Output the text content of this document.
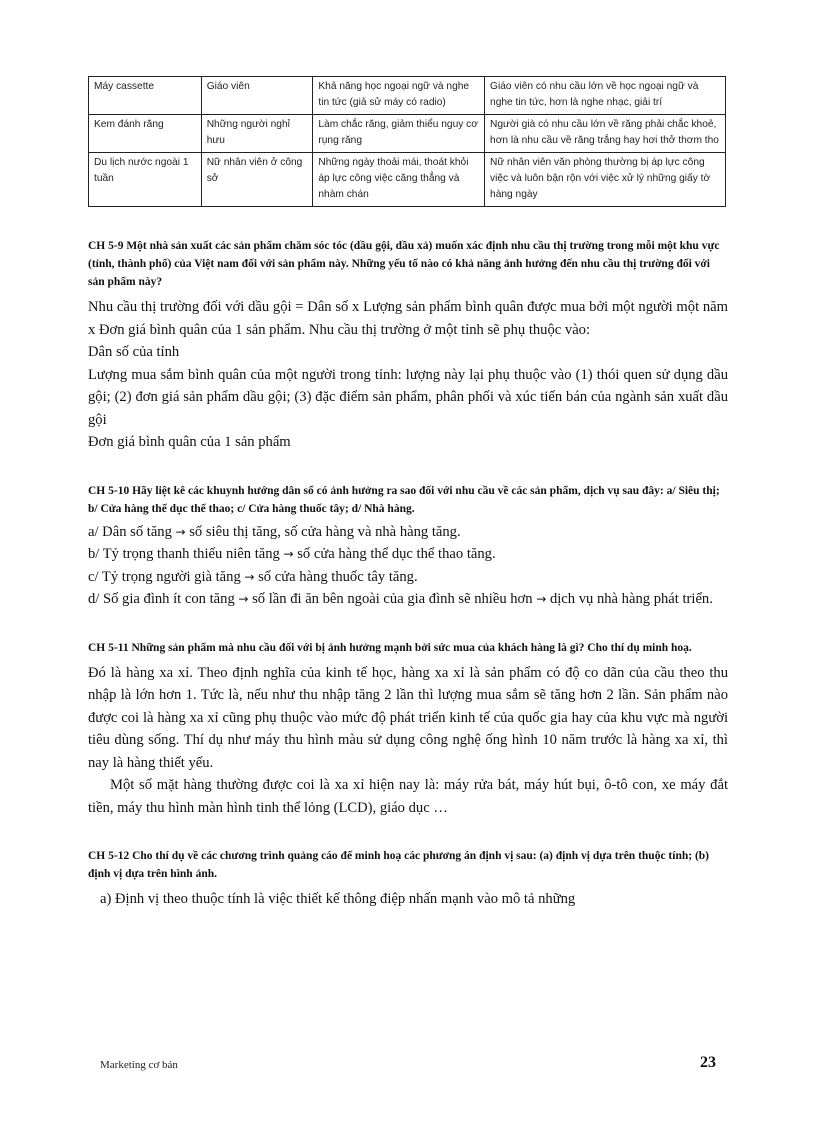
Máy cassette	Giáo viên	Khả năng học ngoại ngữ và nghe tin tức (giả sử máy có radio)	Giáo viên có nhu cầu lớn về học ngoại ngữ và nghe tin tức, hơn là nghe nhạc, giải trí
Kem đánh răng	Những người nghỉ hưu	Làm chắc răng, giảm thiểu nguy cơ rụng răng	Người già có nhu cầu lớn về răng phải chắc khoẻ, hơn là nhu cầu về răng trắng hay hơi thở thơm tho
Du lịch nước ngoài 1 tuần	Nữ nhân viên ở công sở	Những ngày thoải mái, thoát khỏi áp lực công việc căng thẳng và nhàm chán	Nữ nhân viên văn phòng thường bị áp lực công việc và luôn bận rộn với việc xử lý những giấy tờ hàng ngày

CH 5-9 Một nhà sản xuất các sản phẩm chăm sóc tóc (dầu gội, dầu xả) muốn xác định nhu cầu thị trường trong mỗi một khu vực (tỉnh, thành phố) của Việt nam đối với sản phẩm này. Những yếu tố nào có khả năng ảnh hưởng đến nhu cầu thị trường đối với sản phẩm này?

Nhu cầu thị trường đối với dầu gội = Dân số x Lượng sản phẩm bình quân được mua bởi một người một năm x Đơn giá bình quân của 1 sản phẩm. Nhu cầu thị trường ở một tỉnh sẽ phụ thuộc vào:

Dân số của tỉnh

Lượng mua sắm bình quân của một người trong tỉnh: lượng này lại phụ thuộc vào (1) thói quen sử dụng dầu gội; (2) đơn giá sản phẩm dầu gội; (3) đặc điểm sản phẩm, phân phối và xúc tiến bán của ngành sản xuất dầu gội

Đơn giá bình quân của 1 sản phẩm

CH 5-10 Hãy liệt kê các khuynh hướng dân số có ảnh hưởng ra sao đối với nhu cầu về các sản phẩm, dịch vụ sau đây: a/ Siêu thị; b/ Cửa hàng thể dục thể thao; c/ Cửa hàng thuốc tây; d/ Nhà hàng.

a/ Dân số tăng → số siêu thị tăng, số cửa hàng và nhà hàng tăng.

b/ Tỷ trọng thanh thiếu niên tăng → số cửa hàng thể dục thể thao tăng.

c/ Tỷ trọng người già tăng → số cửa hàng thuốc tây tăng.

d/ Số gia đình ít con tăng → số lần đi ăn bên ngoài của gia đình sẽ nhiều hơn → dịch vụ nhà hàng phát triển.

CH 5-11 Những sản phẩm mà nhu cầu đối với bị ảnh hưởng mạnh bởi sức mua của khách hàng là gì? Cho thí dụ minh hoạ.

Đó là hàng xa xỉ. Theo định nghĩa của kinh tế học, hàng xa xỉ là sản phẩm có độ co dãn của cầu theo thu nhập là lớn hơn 1. Tức là, nếu như thu nhập tăng 2 lần thì lượng mua sắm sẽ tăng hơn 2 lần. Sản phẩm nào được coi là hàng xa xỉ cũng phụ thuộc vào mức độ phát triển kinh tế của quốc gia hay của khu vực mà người tiêu dùng sống. Thí dụ như máy thu hình màu sử dụng công nghệ ống hình 10 năm trước là hàng xa xỉ, thì nay là hàng thiết yếu.

Một số mặt hàng thường được coi là xa xỉ hiện nay là: máy rửa bát, máy hút bụi, ô-tô con, xe máy đắt tiền, máy thu hình màn hình tinh thể lỏng (LCD), giáo dục …

CH 5-12 Cho thí dụ về các chương trình quảng cáo để minh hoạ các phương án định vị sau: (a) định vị dựa trên thuộc tính; (b) định vị dựa trên hình ảnh.

a) Định vị theo thuộc tính là việc thiết kế thông điệp nhấn mạnh vào mô tả những

Marketing cơ bản	23
